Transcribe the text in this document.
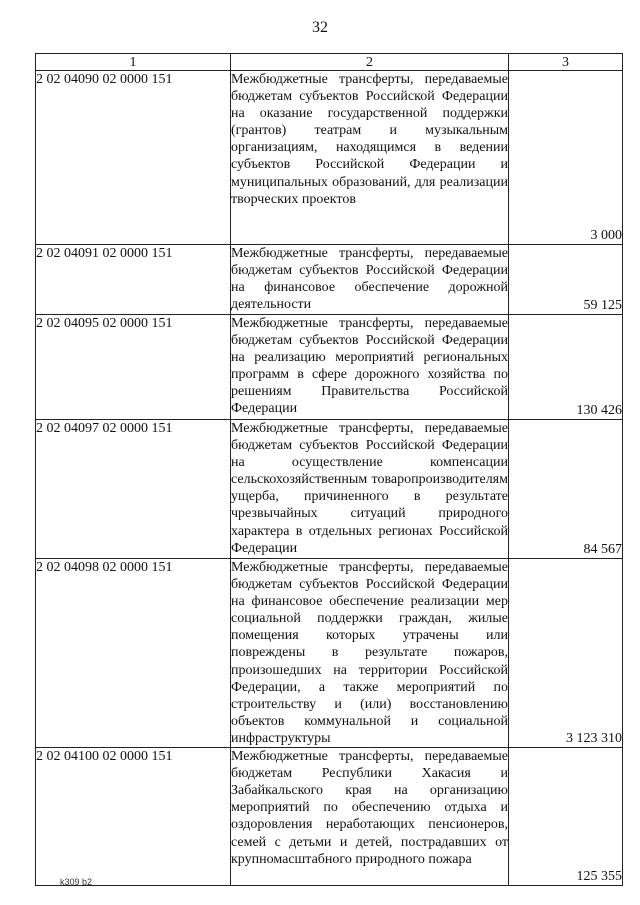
32
1	2	3
2 02 04090 02 0000 151	Межбюджетные трансферты, передаваемые бюджетам субъектов Российской Федерации на оказание государственной поддержки (грантов) театрам и музыкальным организациям, находящимся в ведении субъектов Российской Федерации и муниципальных образований, для реализации творческих проектов	3 000
2 02 04091 02 0000 151	Межбюджетные трансферты, передаваемые бюджетам субъектов Российской Федерации на финансовое обеспечение дорожной деятельности	59 125
2 02 04095 02 0000 151	Межбюджетные трансферты, передаваемые бюджетам субъектов Российской Федерации на реализацию мероприятий региональных программ в сфере дорожного хозяйства по решениям Правительства Российской Федерации	130 426
2 02 04097 02 0000 151	Межбюджетные трансферты, передаваемые бюджетам субъектов Российской Федерации на осуществление компенсации сельскохозяйственным товаропроизводителям ущерба, причиненного в результате чрезвычайных ситуаций природного характера в отдельных регионах Российской Федерации	84 567
2 02 04098 02 0000 151	Межбюджетные трансферты, передаваемые бюджетам субъектов Российской Федерации на финансовое обеспечение реализации мер социальной поддержки граждан, жилые помещения которых утрачены или повреждены в результате пожаров, произошедших на территории Российской Федерации, а также мероприятий по строительству и (или) восстановлению объектов коммунальной и социальной инфраструктуры	3 123 310
2 02 04100 02 0000 151	Межбюджетные трансферты, передаваемые бюджетам Республики Хакасия и Забайкальского края на организацию мероприятий по обеспечению отдыха и оздоровления неработающих пенсионеров, семей с детьми и детей, пострадавших от крупномасштабного природного пожара	125 355
k309 b2
